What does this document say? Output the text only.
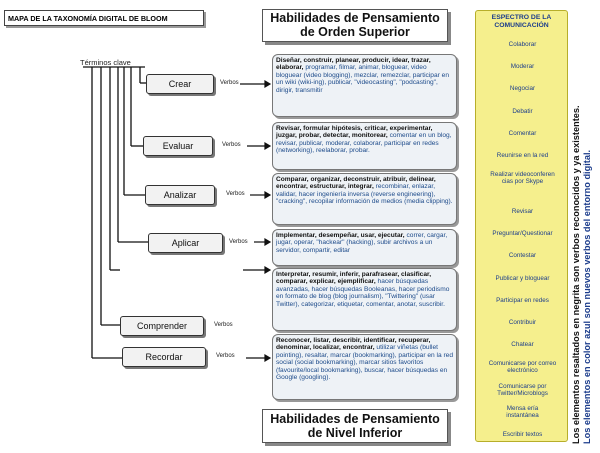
MAPA DE LA TAXONOMÍA DIGITAL DE BLOOM	Habilidades de Pensamiento
de Orden Superior
Habilidades de Pensamiento
de Nivel Inferior
Términos clave
Crear	Verbos
Diseñar, construir, planear, producir, idear, trazar, elaborar, programar, filmar, animar, bloguear, video bloguear (video blogging), mezclar, remezclar, participar en un wiki (wiki-ing), publicar, "videocasting", "podcasting", dirigir, transmitir
Evaluar	Verbos
Revisar, formular hipótesis, criticar, experimentar, juzgar, probar, detectar, monitorear, comentar en un blog, revisar, publicar, moderar, colaborar, participar en redes (networking), reelaborar, probar.
Analizar	Verbos
Comparar, organizar, deconstruir, atribuir, delinear, encontrar, estructurar, integrar, recombinar, enlazar, validar, hacer ingeniería inversa (reverse engineering), "cracking", recopilar información de medios (media clipping).
Aplicar	Verbos
Implementar, desempeñar, usar, ejecutar, correr, cargar, jugar, operar, "hackear" (hacking), subir archivos a un servidor, compartir, editar
Comprender	Verbos
Interpretar, resumir, inferir, parafrasear, clasificar, comparar, explicar, ejemplificar, hacer búsquedas avanzadas, hacer búsquedas Booleanas, hacer periodismo en formato de blog (blog journalism), "Twittering" (usar Twitter), categorizar, etiquetar, comentar, anotar, suscribir.
Recordar	Verbos
Reconocer, listar, describir, identificar, recuperar, denominar, localizar, encontrar, utilizar viñetas (bullet pointing), resaltar, marcar (bookmarking), participar en la red social (social bookmarking), marcar sitios favoritos (favourite/local bookmarking), buscar, hacer búsquedas en Google (googling).
ESPECTRO DE LA
COMUNICACIÓN
Colaborar
Moderar
Negociar
Debatir
Comentar
Reunirse en la red
Realizar videoconferen cias por Skype
Revisar
Preguntar/Questionar
Contestar
Publicar y bloguear
Participar en redes
Contribuir
Chatear
Comunicarse por correo electrónico
Comunicarse por Twitter/Microblogs
Mensa ería instantánea
Escribir textos	Los elementos resaltados en negrita son verbos reconocidos y ya existentes.
Los elementos en color azul son nuevos verbos del entorno digital.
